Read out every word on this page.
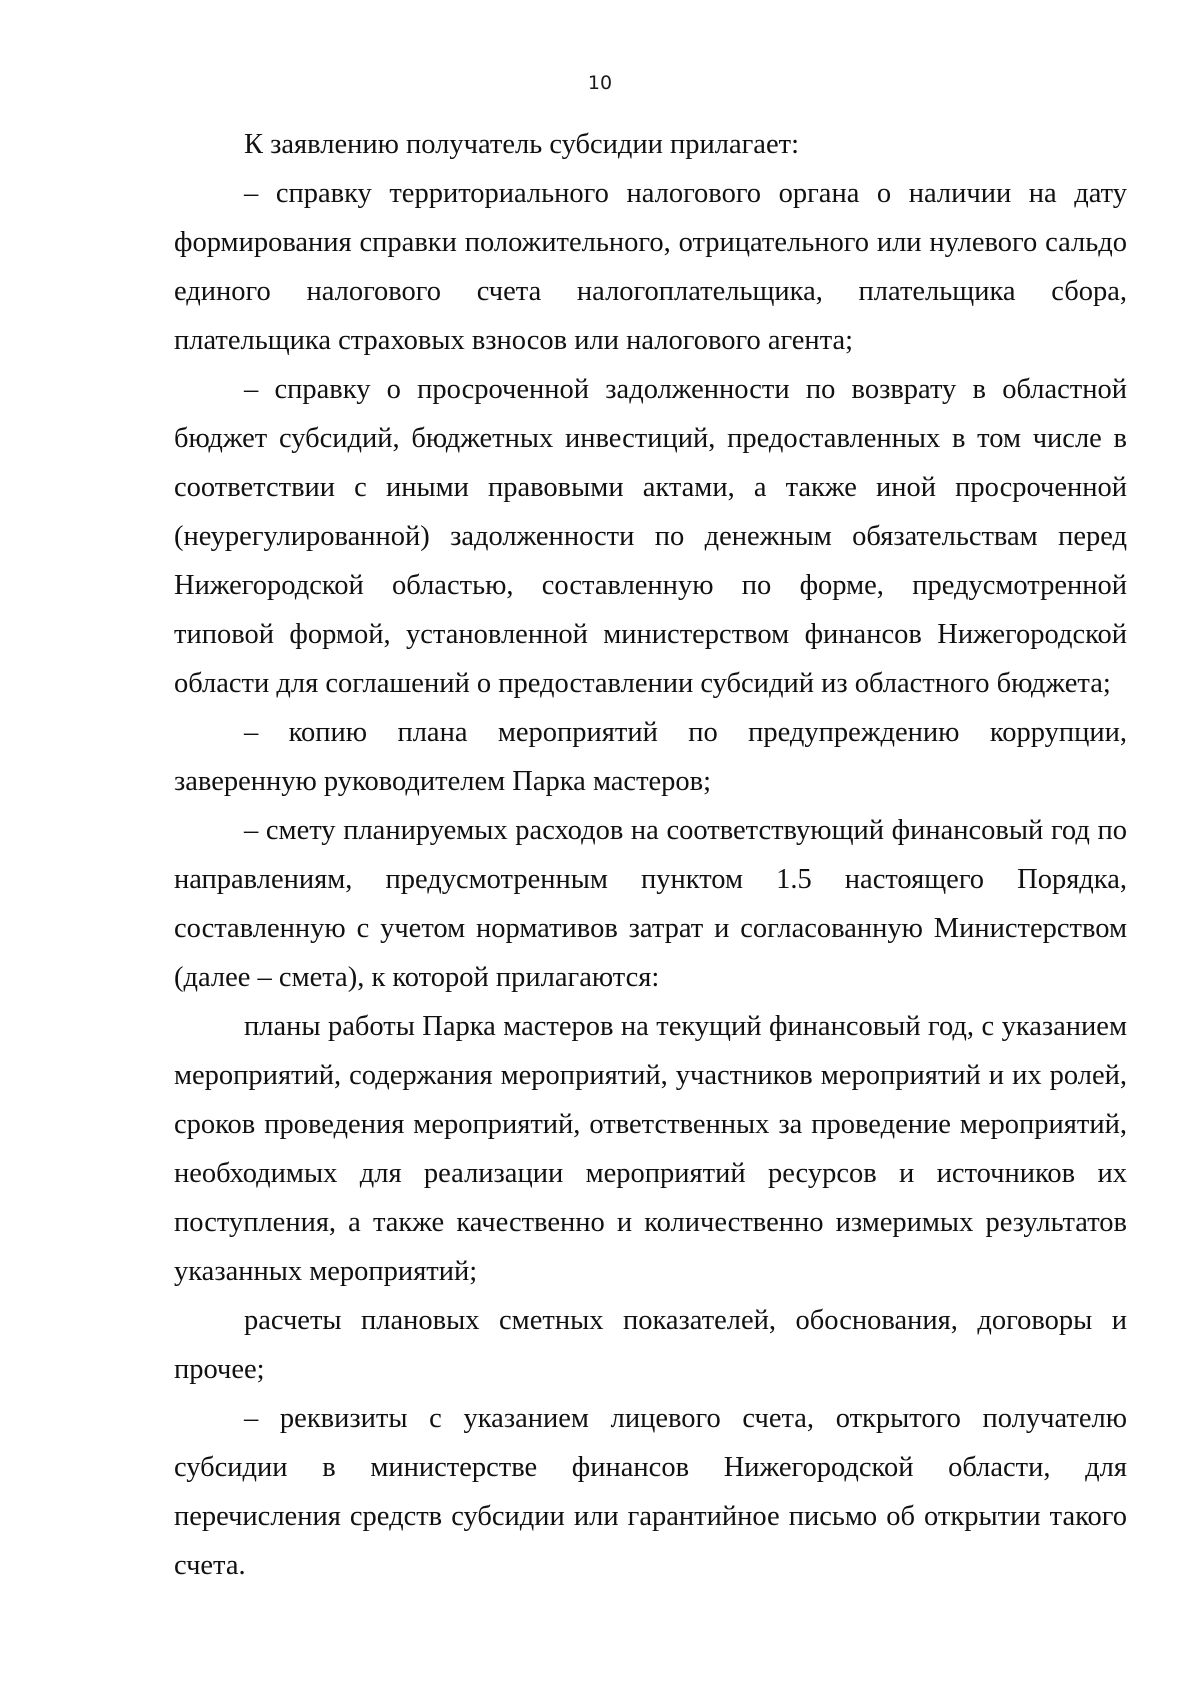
10

К заявлению получатель субсидии прилагает:

– справку территориального налогового органа о наличии на дату формирования справки положительного, отрицательного или нулевого сальдо единого налогового счета налогоплательщика, плательщика сбора, плательщика страховых взносов или налогового агента;

– справку о просроченной задолженности по возврату в областной бюджет субсидий, бюджетных инвестиций, предоставленных в том числе в соответствии с иными правовыми актами, а также иной просроченной (неурегулированной) задолженности по денежным обязательствам перед Нижегородской областью, составленную по форме, предусмотренной типовой формой, установленной министерством финансов Нижегородской области для соглашений о предоставлении субсидий из областного бюджета;

– копию плана мероприятий по предупреждению коррупции, заверенную руководителем Парка мастеров;

– смету планируемых расходов на соответствующий финансовый год по направлениям, предусмотренным пунктом 1.5 настоящего Порядка, составленную с учетом нормативов затрат и согласованную Министерством (далее – смета), к которой прилагаются:

планы работы Парка мастеров на текущий финансовый год, с указанием мероприятий, содержания мероприятий, участников мероприятий и их ролей, сроков проведения мероприятий, ответственных за проведение мероприятий, необходимых для реализации мероприятий ресурсов и источников их поступления, а также качественно и количественно измеримых результатов указанных мероприятий;

расчеты плановых сметных показателей, обоснования, договоры и прочее;

– реквизиты с указанием лицевого счета, открытого получателю субсидии в министерстве финансов Нижегородской области, для перечисления средств субсидии или гарантийное письмо об открытии такого счета.
